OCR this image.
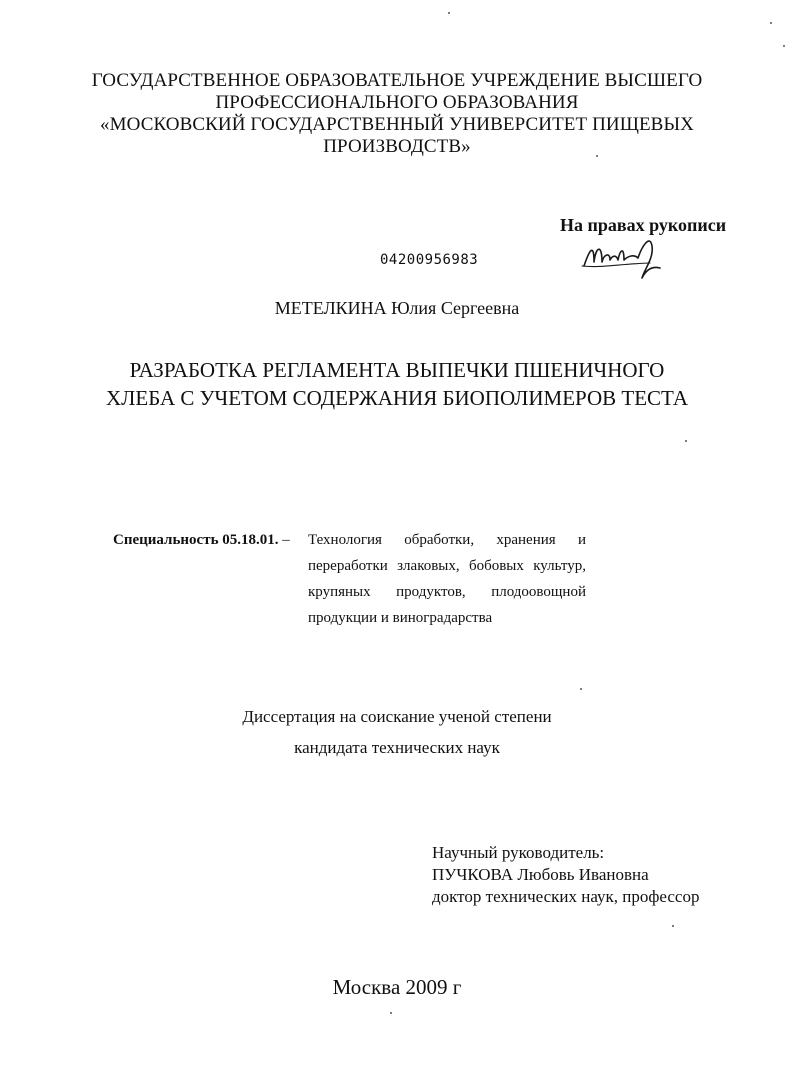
ГОСУДАРСТВЕННОЕ ОБРАЗОВАТЕЛЬНОЕ УЧРЕЖДЕНИЕ ВЫСШЕГО
ПРОФЕССИОНАЛЬНОГО ОБРАЗОВАНИЯ
«МОСКОВСКИЙ ГОСУДАРСТВЕННЫЙ УНИВЕРСИТЕТ ПИЩЕВЫХ
ПРОИЗВОДСТВ»
На правах рукописи
04200956983
МЕТЕЛКИНА Юлия Сергеевна
РАЗРАБОТКА РЕГЛАМЕНТА ВЫПЕЧКИ ПШЕНИЧНОГО
ХЛЕБА С УЧЕТОМ СОДЕРЖАНИЯ БИОПОЛИМЕРОВ ТЕСТА
Специальность 05.18.01. – Технология обработки, хранения и
переработки злаковых, бобовых культур,
крупяных продуктов, плодоовощной
продукции и виноградарства
Диссертация на соискание ученой степени
кандидата технических наук
Научный руководитель:
ПУЧКОВА Любовь Ивановна
доктор технических наук, профессор
Москва 2009 г
